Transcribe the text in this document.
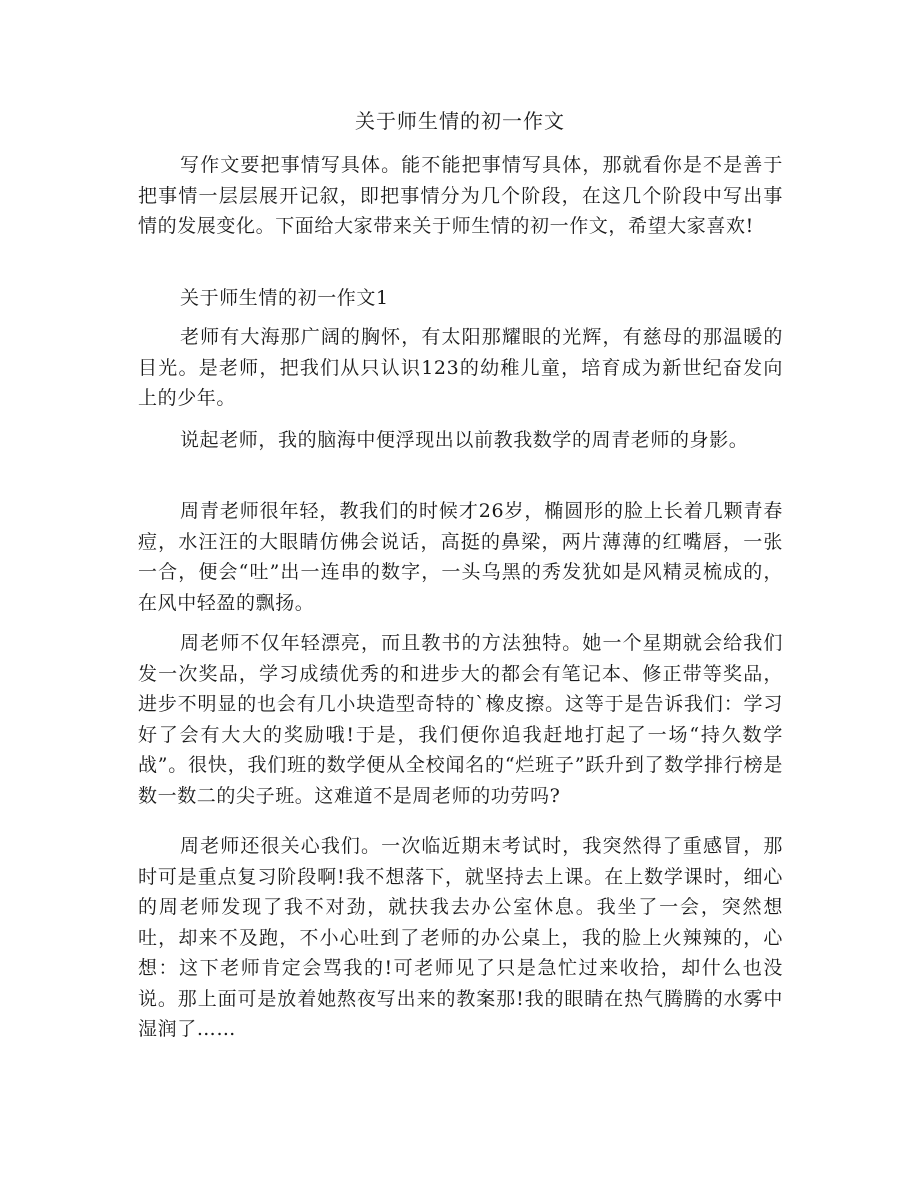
关于师生情的初一作文

写作文要把事情写具体。能不能把事情写具体，那就看你是不是善于把事情一层层展开记叙，即把事情分为几个阶段，在这几个阶段中写出事情的发展变化。下面给大家带来关于师生情的初一作文，希望大家喜欢!

关于师生情的初一作文1

老师有大海那广阔的胸怀，有太阳那耀眼的光辉，有慈母的那温暖的目光。是老师，把我们从只认识123的幼稚儿童，培育成为新世纪奋发向上的少年。

说起老师，我的脑海中便浮现出以前教我数学的周青老师的身影。

周青老师很年轻，教我们的时候才26岁，椭圆形的脸上长着几颗青春痘，水汪汪的大眼睛仿佛会说话，高挺的鼻梁，两片薄薄的红嘴唇，一张一合，便会“吐”出一连串的数字，一头乌黑的秀发犹如是风精灵梳成的，在风中轻盈的飘扬。

周老师不仅年轻漂亮，而且教书的方法独特。她一个星期就会给我们发一次奖品，学习成绩优秀的和进步大的都会有笔记本、修正带等奖品，进步不明显的也会有几小块造型奇特的`橡皮擦。这等于是告诉我们：学习好了会有大大的奖励哦!于是，我们便你追我赶地打起了一场“持久数学战”。很快，我们班的数学便从全校闻名的“烂班子”跃升到了数学排行榜是数一数二的尖子班。这难道不是周老师的功劳吗?

周老师还很关心我们。一次临近期末考试时，我突然得了重感冒，那时可是重点复习阶段啊!我不想落下，就坚持去上课。在上数学课时，细心的周老师发现了我不对劲，就扶我去办公室休息。我坐了一会，突然想吐，却来不及跑，不小心吐到了老师的办公桌上，我的脸上火辣辣的，心想：这下老师肯定会骂我的!可老师见了只是急忙过来收拾，却什么也没说。那上面可是放着她熬夜写出来的教案那!我的眼睛在热气腾腾的水雾中湿润了……
